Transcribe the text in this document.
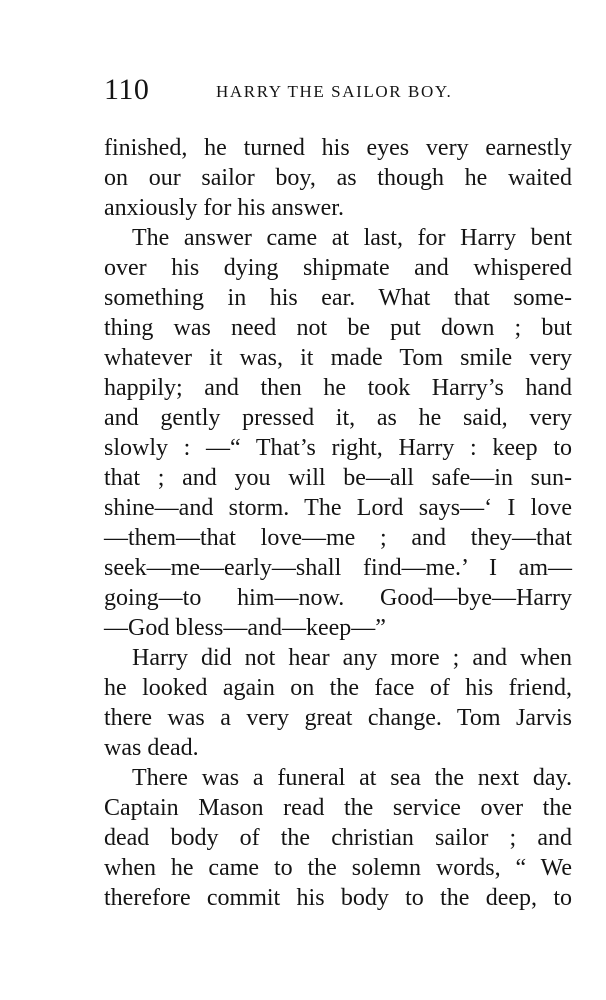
110	HARRY THE SAILOR BOY.
finished, he turned his eyes very earnestly
on our sailor boy, as though he waited
anxiously for his answer.
The answer came at last, for Harry bent
over his dying shipmate and whispered
something in his ear. What that some-
thing was need not be put down ; but
whatever it was, it made Tom smile very
happily; and then he took Harry’s hand
and gently pressed it, as he said, very
slowly : —“ That’s right, Harry : keep to
that ; and you will be—all safe—in sun-
shine—and storm. The Lord says—‘ I love
—them—that love—me ; and they—that
seek—me—early—shall find—me.’ I am—
going—to him—now. Good—bye—Harry
—God bless—and—keep—”
Harry did not hear any more ; and when
he looked again on the face of his friend,
there was a very great change. Tom Jarvis
was dead.
There was a funeral at sea the next day.
Captain Mason read the service over the
dead body of the christian sailor ; and
when he came to the solemn words, “ We
therefore commit his body to the deep, to
